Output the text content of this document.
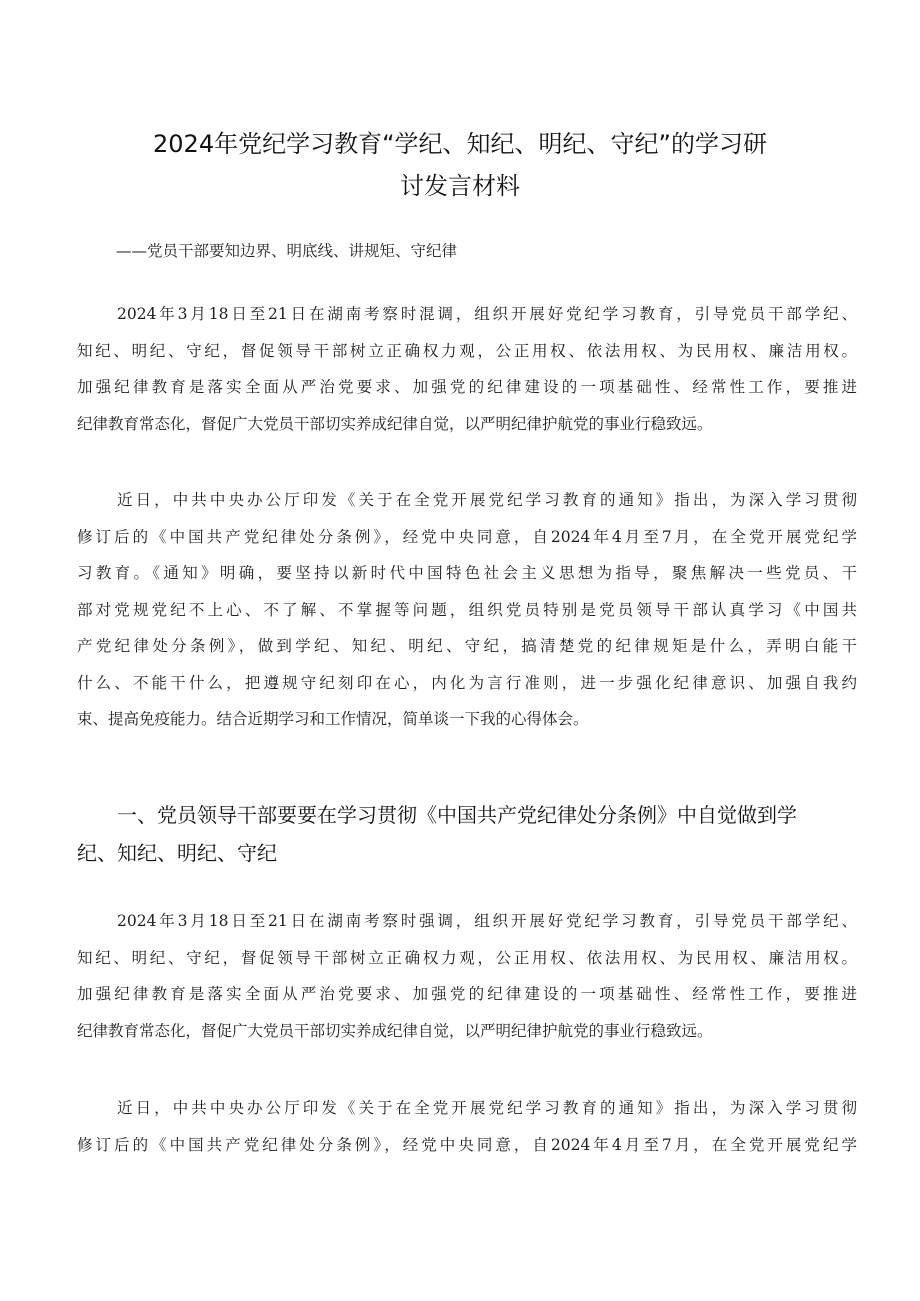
2024年党纪学习教育“学纪、知纪、明纪、守纪”的学习研
讨发言材料
——党员干部要知边界、明底线、讲规矩、守纪律
2024年3月18日至21日在湖南考察时混调，组织开展好党纪学习教育，引导党员干部学纪、
知纪、明纪、守纪，督促领导干部树立正确权力观，公正用权、依法用权、为民用权、廉洁用权。
加强纪律教育是落实全面从严治党要求、加强党的纪律建设的一项基础性、经常性工作，要推进
纪律教育常态化，督促广大党员干部切实养成纪律自觉，以严明纪律护航党的事业行稳致远。
近日，中共中央办公厅印发《关于在全党开展党纪学习教育的通知》指出，为深入学习贯彻
修订后的《中国共产党纪律处分条例》，经党中央同意，自2024年4月至7月，在全党开展党纪学
习教育。《通知》明确，要坚持以新时代中国特色社会主义思想为指导，聚焦解决一些党员、干
部对党规党纪不上心、不了解、不掌握等问题，组织党员特别是党员领导干部认真学习《中国共
产党纪律处分条例》，做到学纪、知纪、明纪、守纪，搞清楚党的纪律规矩是什么，弄明白能干
什么、不能干什么，把遵规守纪刻印在心，内化为言行准则，进一步强化纪律意识、加强自我约
束、提高免疫能力。结合近期学习和工作情况，简单谈一下我的心得体会。
一、党员领导干部要要在学习贯彻《中国共产党纪律处分条例》中自觉做到学
纪、知纪、明纪、守纪
2024年3月18日至21日在湖南考察时强调，组织开展好党纪学习教育，引导党员干部学纪、
知纪、明纪、守纪，督促领导干部树立正确权力观，公正用权、依法用权、为民用权、廉洁用权。
加强纪律教育是落实全面从严治党要求、加强党的纪律建设的一项基础性、经常性工作，要推进
纪律教育常态化，督促广大党员干部切实养成纪律自觉，以严明纪律护航党的事业行稳致远。
近日，中共中央办公厅印发《关于在全党开展党纪学习教育的通知》指出，为深入学习贯彻
修订后的《中国共产党纪律处分条例》，经党中央同意，自2024年4月至7月，在全党开展党纪学
